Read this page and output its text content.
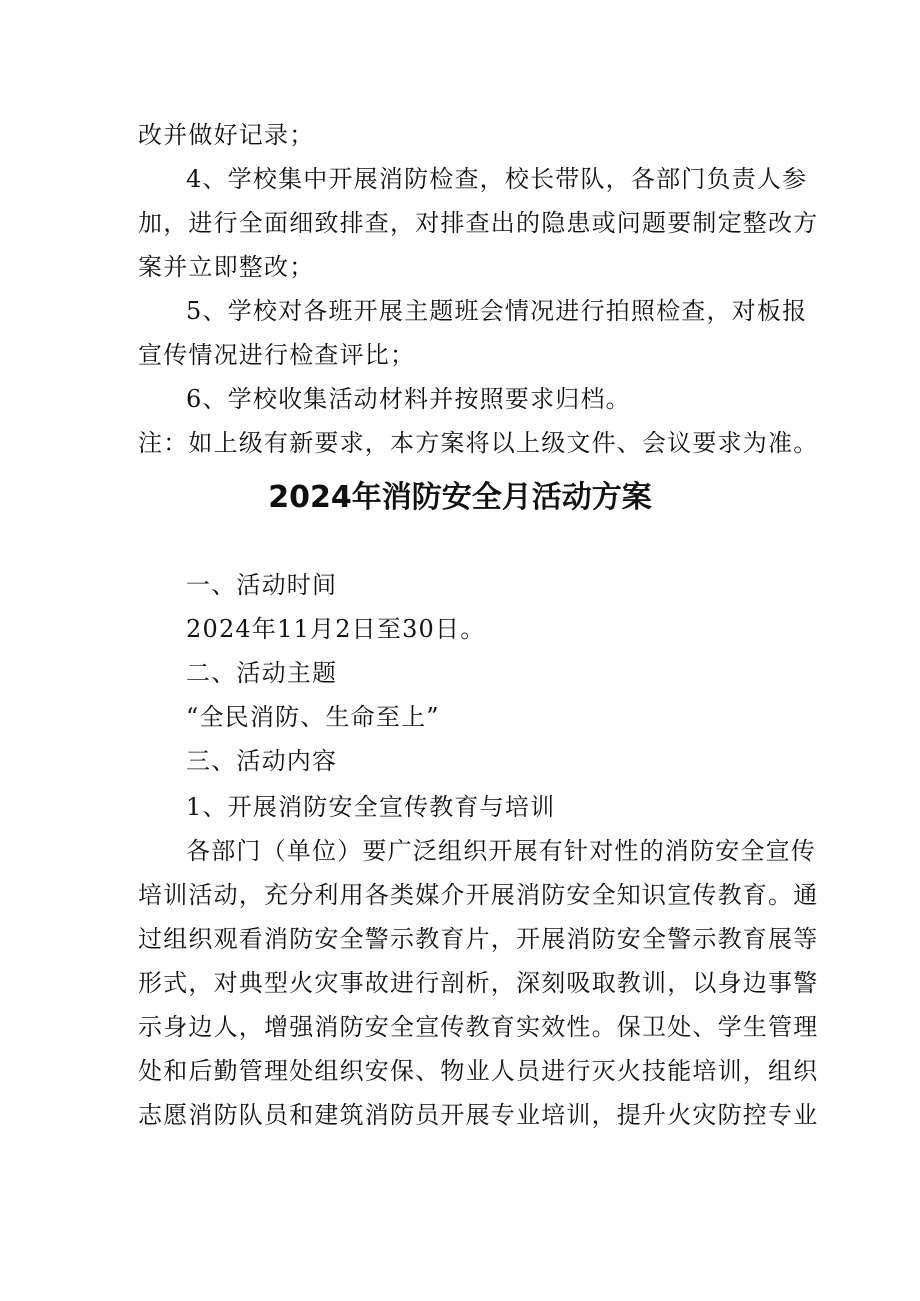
改并做好记录；
4、学校集中开展消防检查，校长带队，各部门负责人参
加，进行全面细致排查，对排查出的隐患或问题要制定整改方
案并立即整改；
5、学校对各班开展主题班会情况进行拍照检查，对板报
宣传情况进行检查评比；
6、学校收集活动材料并按照要求归档。
注：如上级有新要求，本方案将以上级文件、会议要求为准。
2024年消防安全月活动方案
一、活动时间
2024年11月2日至30日。
二、活动主题
“全民消防、生命至上”
三、活动内容
1、开展消防安全宣传教育与培训
各部门（单位）要广泛组织开展有针对性的消防安全宣传
培训活动，充分利用各类媒介开展消防安全知识宣传教育。通
过组织观看消防安全警示教育片，开展消防安全警示教育展等
形式，对典型火灾事故进行剖析，深刻吸取教训，以身边事警
示身边人，增强消防安全宣传教育实效性。保卫处、学生管理
处和后勤管理处组织安保、物业人员进行灭火技能培训，组织
志愿消防队员和建筑消防员开展专业培训，提升火灾防控专业
